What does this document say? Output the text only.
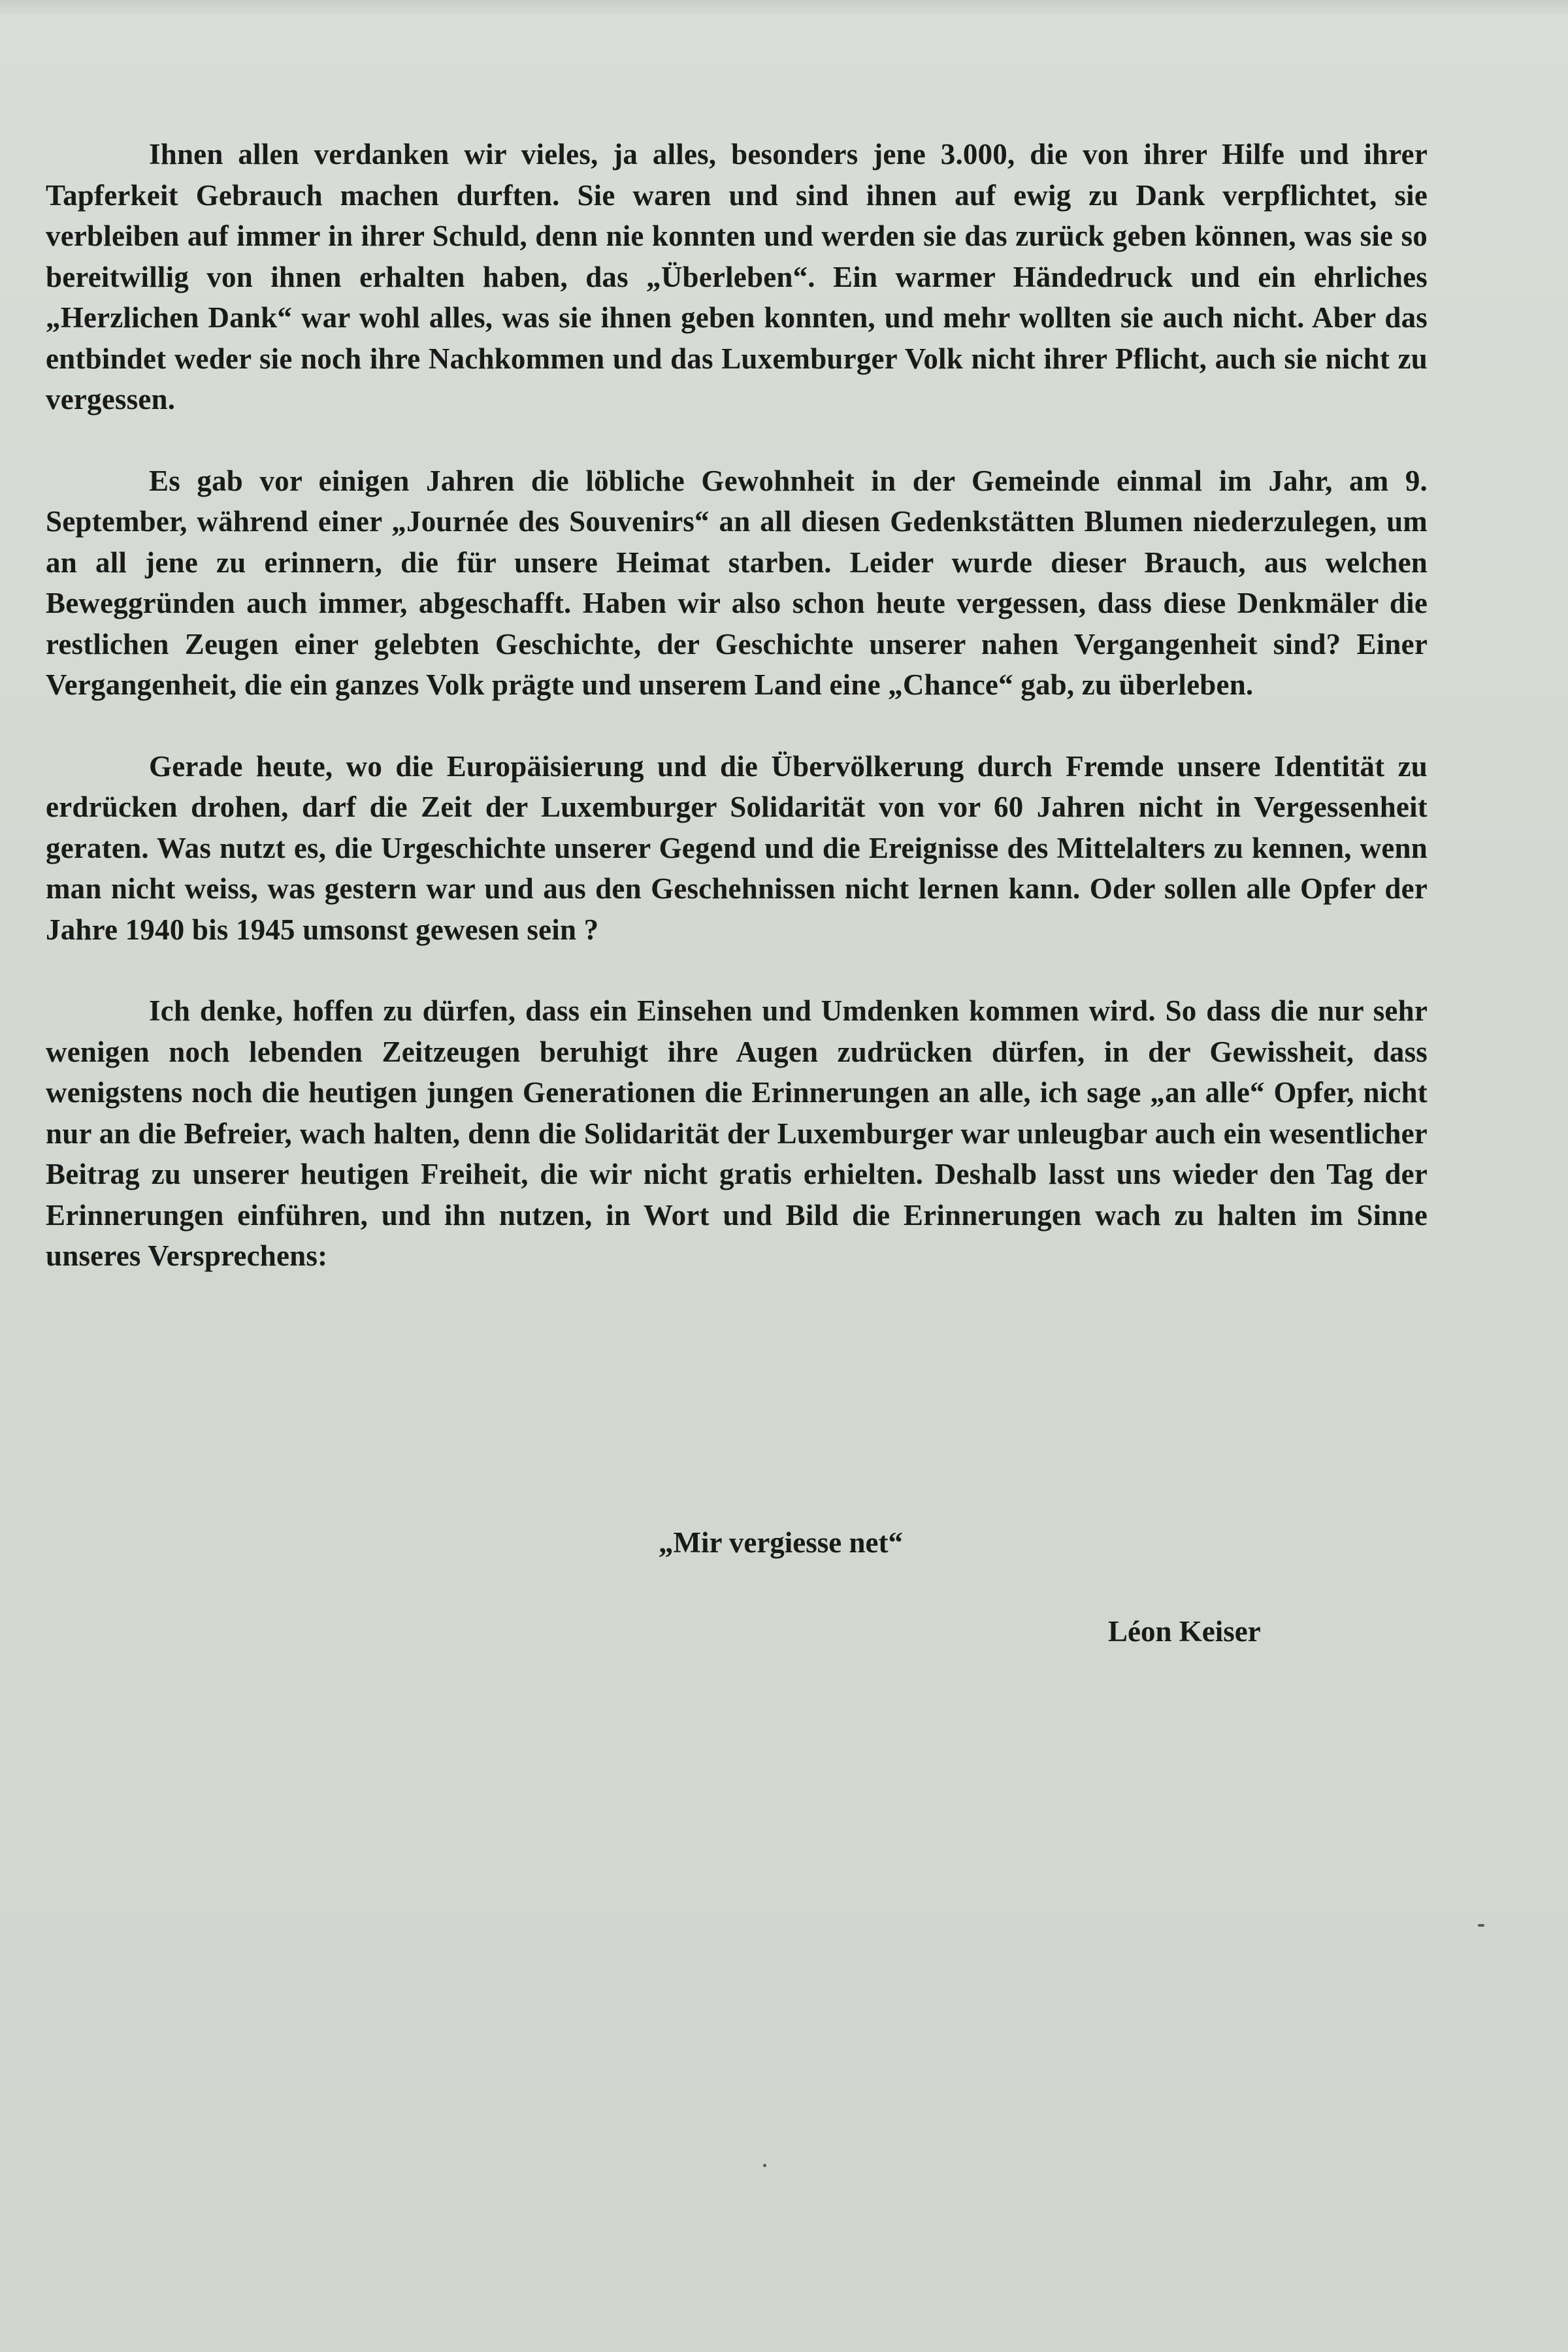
Ihnen allen verdanken wir vieles, ja alles, besonders jene 3.000, die von ihrer Hilfe und ihrer Tapferkeit Gebrauch machen durften. Sie waren und sind ihnen auf ewig zu Dank verpflichtet, sie verbleiben auf immer in ihrer Schuld, denn nie konnten und werden sie das zurück geben können, was sie so bereitwillig von ihnen erhalten haben, das „Überleben“. Ein warmer Händedruck und ein ehrliches „Herzlichen Dank“ war wohl alles, was sie ihnen geben konnten, und mehr wollten sie auch nicht. Aber das entbindet weder sie noch ihre Nachkommen und das Luxemburger Volk nicht ihrer Pflicht, auch sie nicht zu vergessen.

Es gab vor einigen Jahren die löbliche Gewohnheit in der Gemeinde einmal im Jahr, am 9. September, während einer „Journée des Souvenirs“ an all diesen Gedenkstätten Blumen niederzulegen, um an all jene zu erinnern, die für unsere Heimat starben. Leider wurde dieser Brauch, aus welchen Beweggründen auch immer, abgeschafft. Haben wir also schon heute vergessen, dass diese Denkmäler die restlichen Zeugen einer gelebten Geschichte, der Geschichte unserer nahen Vergangenheit sind? Einer Vergangenheit, die ein ganzes Volk prägte und unserem Land eine „Chance“ gab, zu überleben.

Gerade heute, wo die Europäisierung und die Übervölkerung durch Fremde unsere Identität zu erdrücken drohen, darf die Zeit der Luxemburger Solidarität von vor 60 Jahren nicht in Vergessenheit geraten. Was nutzt es, die Urgeschichte unserer Gegend und die Ereignisse des Mittelalters zu kennen, wenn man nicht weiss, was gestern war und aus den Geschehnissen nicht lernen kann. Oder sollen alle Opfer der Jahre 1940 bis 1945 umsonst gewesen sein ?

Ich denke, hoffen zu dürfen, dass ein Einsehen und Umdenken kommen wird. So dass die nur sehr wenigen noch lebenden Zeitzeugen beruhigt ihre Augen zudrücken dürfen, in der Gewissheit, dass wenigstens noch die heutigen jungen Generationen die Erinnerungen an alle, ich sage „an alle“ Opfer, nicht nur an die Befreier, wach halten, denn die Solidarität der Luxemburger war unleugbar auch ein wesentlicher Beitrag zu unserer heutigen Freiheit, die wir nicht gratis erhielten. Deshalb lasst uns wieder den Tag der Erinnerungen einführen, und ihn nutzen, in Wort und Bild die Erinnerungen wach zu halten im Sinne unseres Versprechens:

„Mir vergiesse net“
Léon Keiser
